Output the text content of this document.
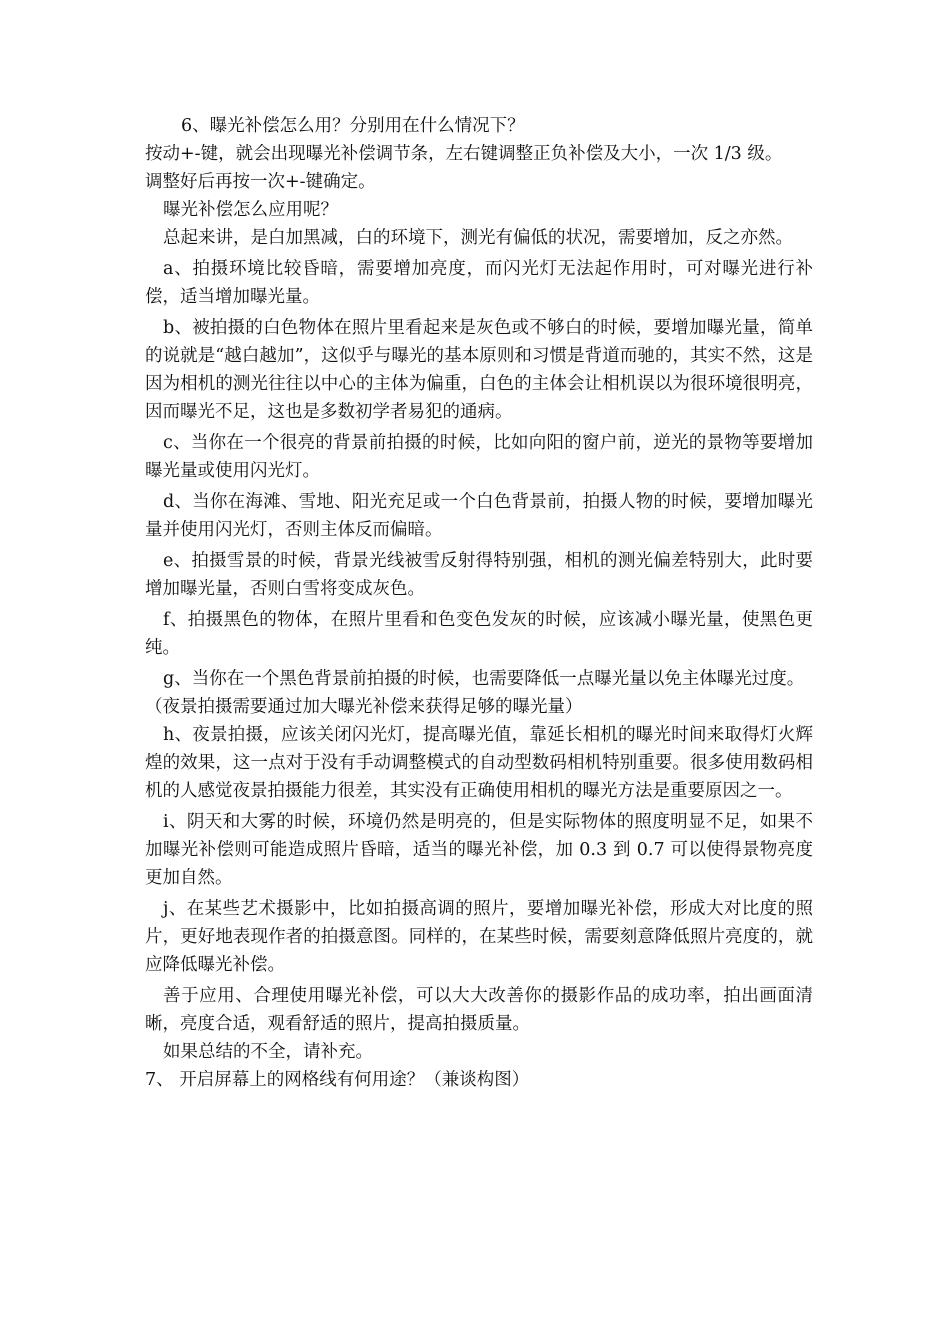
6、曝光补偿怎么用？分别用在什么情况下？

按动+-键，就会出现曝光补偿调节条，左右键调整正负补偿及大小，一次 1/3 级。

调整好后再按一次+-键确定。

曝光补偿怎么应用呢？

总起来讲，是白加黑减，白的环境下，测光有偏低的状况，需要增加，反之亦然。

a、拍摄环境比较昏暗，需要增加亮度，而闪光灯无法起作用时，可对曝光进行补偿，适当增加曝光量。

b、被拍摄的白色物体在照片里看起来是灰色或不够白的时候，要增加曝光量，简单的说就是“越白越加”，这似乎与曝光的基本原则和习惯是背道而驰的，其实不然，这是因为相机的测光往往以中心的主体为偏重，白色的主体会让相机误以为很环境很明亮，因而曝光不足，这也是多数初学者易犯的通病。

c、当你在一个很亮的背景前拍摄的时候，比如向阳的窗户前，逆光的景物等要增加曝光量或使用闪光灯。

d、当你在海滩、雪地、阳光充足或一个白色背景前，拍摄人物的时候，要增加曝光量并使用闪光灯，否则主体反而偏暗。

e、拍摄雪景的时候，背景光线被雪反射得特别强，相机的测光偏差特别大，此时要增加曝光量，否则白雪将变成灰色。

f、拍摄黑色的物体，在照片里看和色变色发灰的时候，应该减小曝光量，使黑色更纯。

g、当你在一个黑色背景前拍摄的时候，也需要降低一点曝光量以免主体曝光过度。

（夜景拍摄需要通过加大曝光补偿来获得足够的曝光量）

h、夜景拍摄，应该关闭闪光灯，提高曝光值，靠延长相机的曝光时间来取得灯火辉煌的效果，这一点对于没有手动调整模式的自动型数码相机特别重要。很多使用数码相机的人感觉夜景拍摄能力很差，其实没有正确使用相机的曝光方法是重要原因之一。

i、阴天和大雾的时候，环境仍然是明亮的，但是实际物体的照度明显不足，如果不加曝光补偿则可能造成照片昏暗，适当的曝光补偿，加 0.3 到 0.7 可以使得景物亮度更加自然。

j、在某些艺术摄影中，比如拍摄高调的照片，要增加曝光补偿，形成大对比度的照片，更好地表现作者的拍摄意图。同样的，在某些时候，需要刻意降低照片亮度的，就应降低曝光补偿。

善于应用、合理使用曝光补偿，可以大大改善你的摄影作品的成功率，拍出画面清晰，亮度合适，观看舒适的照片，提高拍摄质量。

如果总结的不全，请补充。

7、 开启屏幕上的网格线有何用途？（兼谈构图）
